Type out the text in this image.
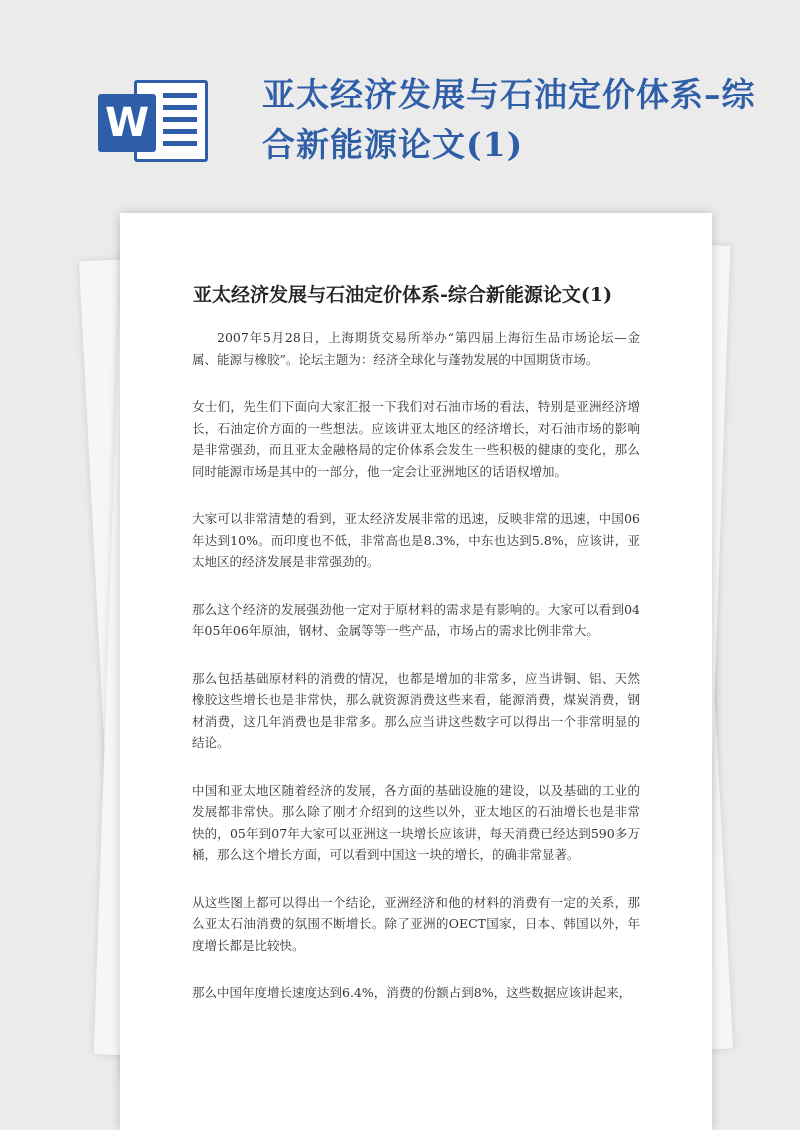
W
亚太经济发展与石油定价体系–综合新能源论文(1)
亚太经济发展与石油定价体系-综合新能源论文(1)

2007年5月28日，上海期货交易所举办“第四届上海衍生品市场论坛—金属、能源与橡胶”。论坛主题为：经济全球化与蓬勃发展的中国期货市场。

女士们，先生们下面向大家汇报一下我们对石油市场的看法，特别是亚洲经济增长，石油定价方面的一些想法。应该讲亚太地区的经济增长，对石油市场的影响是非常强劲，而且亚太金融格局的定价体系会发生一些积极的健康的变化，那么同时能源市场是其中的一部分，他一定会让亚洲地区的话语权增加。

大家可以非常清楚的看到，亚太经济发展非常的迅速，反映非常的迅速，中国06年达到10%。而印度也不低，非常高也是8.3%，中东也达到5.8%，应该讲，亚太地区的经济发展是非常强劲的。

那么这个经济的发展强劲他一定对于原材料的需求是有影响的。大家可以看到04年05年06年原油，钢材、金属等等一些产品，市场占的需求比例非常大。

那么包括基础原材料的消费的情况，也都是增加的非常多，应当讲铜、铝、天然橡胶这些增长也是非常快，那么就资源消费这些来看，能源消费，煤炭消费，钢材消费，这几年消费也是非常多。那么应当讲这些数字可以得出一个非常明显的结论。

中国和亚太地区随着经济的发展，各方面的基础设施的建设，以及基础的工业的发展都非常快。那么除了刚才介绍到的这些以外，亚太地区的石油增长也是非常快的，05年到07年大家可以亚洲这一块增长应该讲，每天消费已经达到590多万桶，那么这个增长方面，可以看到中国这一块的增长，的确非常显著。

从这些图上都可以得出一个结论，亚洲经济和他的材料的消费有一定的关系，那么亚太石油消费的氛围不断增长。除了亚洲的OECT国家，日本、韩国以外，年度增长都是比较快。

那么中国年度增长速度达到6.4%，消费的份额占到8%，这些数据应该讲起来，
